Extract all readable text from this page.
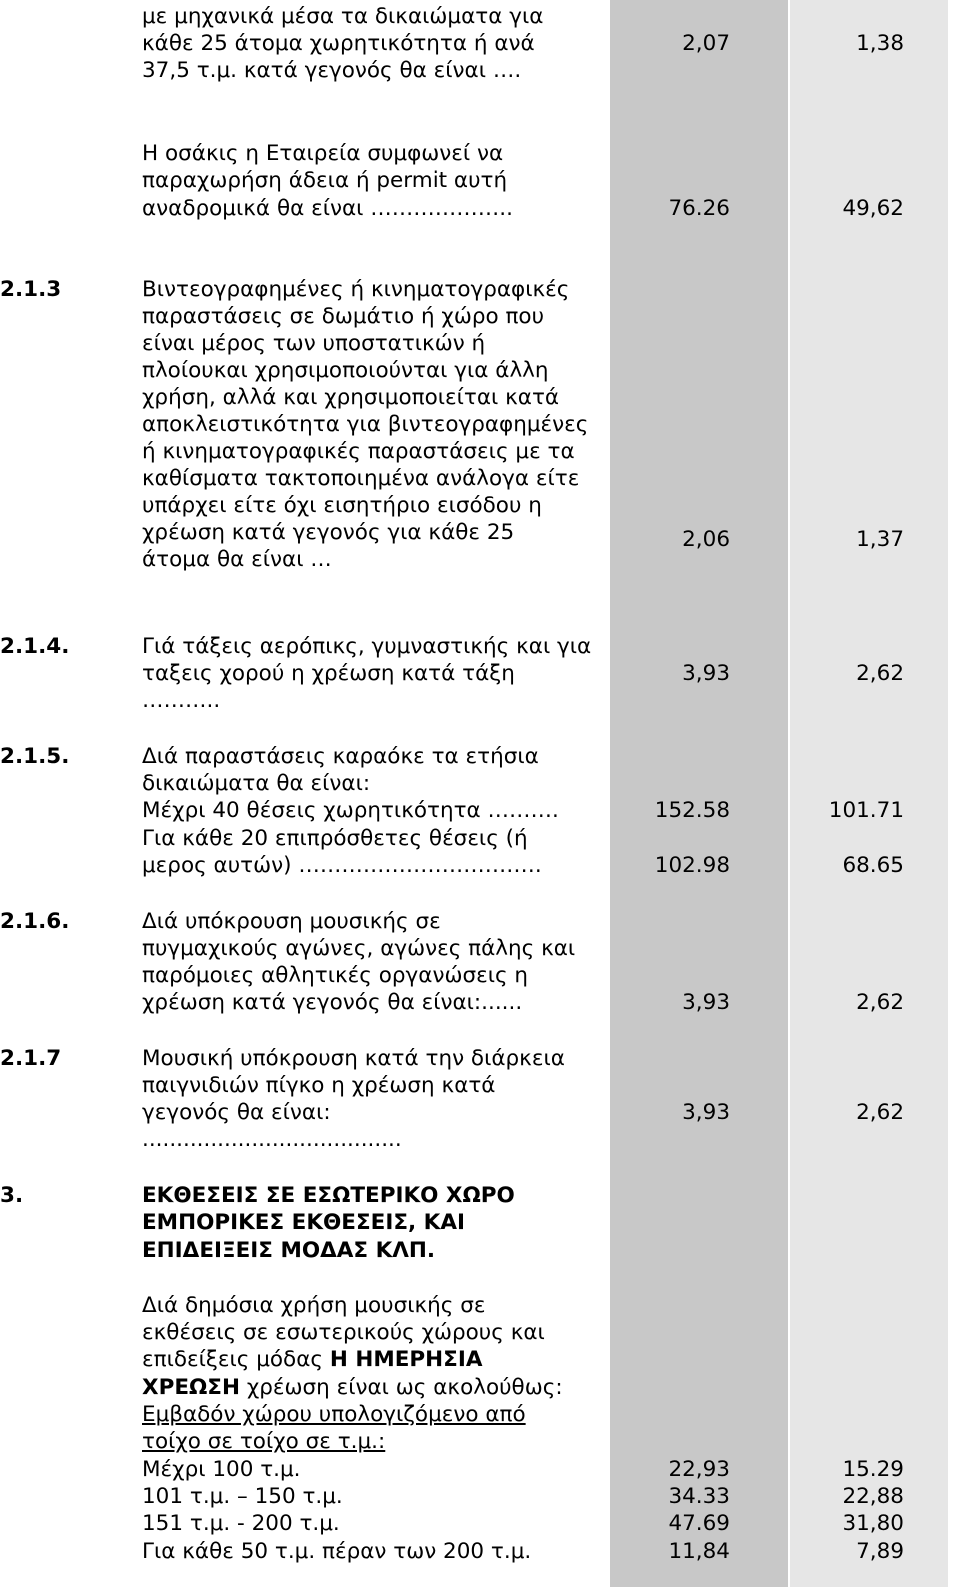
με μηχανικά μέσα τα δικαιώματα για
κάθε 25 άτομα χωρητικότητα ή ανά
37,5 τ.μ. κατά γεγονός θα είναι ….
2,07	1,38
Η οσάκις η Εταιρεία συμφωνεί να
παραχωρήση άδεια ή permit αυτή
αναδρομικά θα είναι ………………..	76.26	49,62
2.1.3	Βιντεογραφημένες ή κινηματογραφικές
παραστάσεις σε δωμάτιο ή χώρο που
είναι μέρος των υποστατικών ή
πλοίουκαι χρησιμοποιούνται για άλλη
χρήση, αλλά και χρησιμοποιείται κατά
αποκλειστικότητα για βιντεογραφημένες
ή κινηματογραφικές παραστάσεις με τα
καθίσματα τακτοποιημένα ανάλογα είτε
υπάρχει είτε όχι εισητήριο εισόδου η
χρέωση κατά γεγονός για κάθε 25
άτομα θα είναι …
2,06	1,37
2.1.4.	Γιά τάξεις αερόπικς, γυμναστικής και για
ταξεις χορού η χρέωση κατά τάξη
………..
3,93	2,62
2.1.5.	Διά παραστάσεις καραόκε τα ετήσια
δικαιώματα θα είναι:
Μέχρι 40 θέσεις χωρητικότητα ……….
Για κάθε 20 επιπρόσθετες θέσεις (ή
μερος αυτών) …………………………….
152.58	101.71
102.98	68.65
2.1.6.	Διά υπόκρουση μουσικής σε
πυγμαχικούς αγώνες, αγώνες πάλης και
παρόμοιες αθλητικές οργανώσεις η
χρέωση κατά γεγονός θα είναι:......	3,93	2,62
2.1.7	Μουσική υπόκρουση κατά την διάρκεια
παιγνιδιών πίγκο η χρέωση κατά
γεγονός θα είναι:
......................................
3,93	2,62
3.	ΕΚΘΕΣΕΙΣ ΣΕ ΕΣΩΤΕΡΙΚΟ ΧΩΡΟ
ΕΜΠΟΡΙΚΕΣ ΕΚΘΕΣΕΙΣ, ΚΑΙ
ΕΠΙΔΕΙΞΕΙΣ ΜΟΔΑΣ ΚΛΠ.
Διά δημόσια χρήση μουσικής σε
εκθέσεις σε εσωτερικούς χώρους και
επιδείξεις μόδας Η ΗΜΕΡΗΣΙΑ
ΧΡΕΩΣΗ χρέωση είναι ως ακολούθως:
Εμβαδόν χώρου υπολογιζόμενο από
τοίχο σε τοίχο σε τ.μ.:
Μέχρι 100 τ.μ.	22,93	15.29
101 τ.μ. – 150 τ.μ.	34.33	22,88
151 τ.μ. - 200 τ.μ.	47.69	31,80
Για κάθε 50 τ.μ. πέραν των 200 τ.μ.	11,84	7,89
